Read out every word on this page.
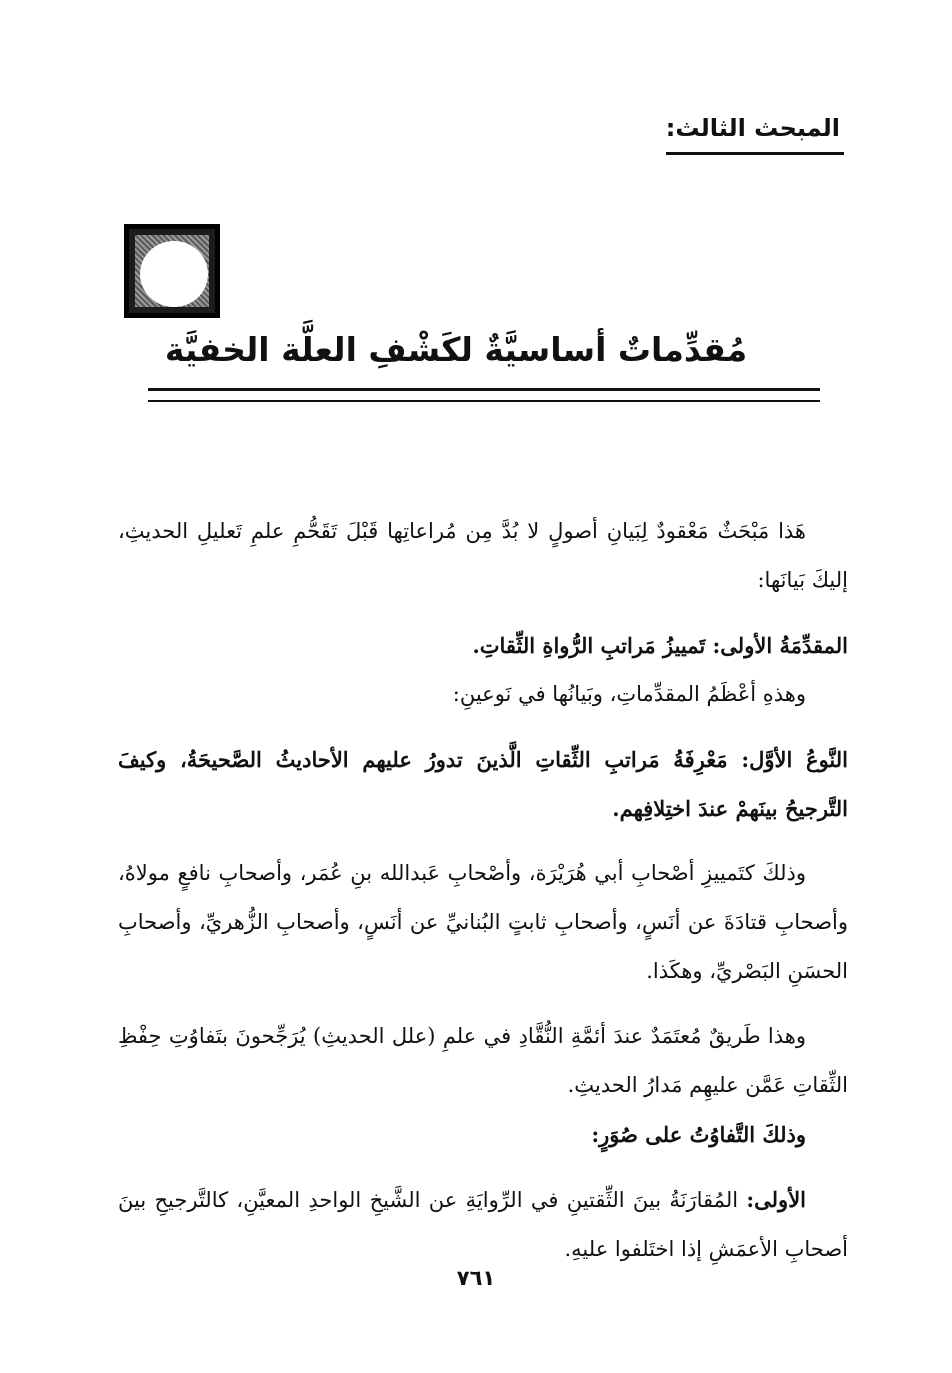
المبحث الثالث:
مُقدِّماتٌ أساسيَّةٌ لكَشْفِ العلَّة الخفيَّة

هَذا مَبْحَثٌ مَعْقودٌ لِبَيانِ أصولٍ لا بُدَّ مِن مُراعاتِها قَبْلَ تَقَحُّمِ علمِ تَعليلِ الحديثِ، إليكَ بَيانَها:

المقدِّمَةُ الأولى: تَمييزُ مَراتبِ الرُّواةِ الثِّقاتِ.

وهذهِ أعْظَمُ المقدِّماتِ، وبَيانُها في نَوعينِ:

النَّوعُ الأوَّل: مَعْرِفَةُ مَراتبِ الثِّقاتِ الَّذينَ تدورُ عليهم الأحاديثُ الصَّحيحَةُ، وكيفَ التَّرجيحُ بينَهمْ عندَ اختِلافِهم.

وذلكَ كتَمييزِ أصْحابِ أبي هُرَيْرَة، وأصْحابِ عَبدالله بنِ عُمَر، وأصحابِ نافعٍ مولاهُ، وأصحابِ قتادَةَ عن أنَسٍ، وأصحابِ ثابتٍ البُنانيِّ عن أنَسٍ، وأصحابِ الزُّهريِّ، وأصحابِ الحسَنِ البَصْريِّ، وهكَذا.

وهذا طَريقٌ مُعتَمَدٌ عندَ أئمَّةِ النُّقَّادِ في علمِ (علل الحديثِ) يُرَجِّحونَ بتَفاوُتِ حِفْظِ الثِّقاتِ عَمَّن عليهِم مَدارُ الحديثِ.

وذلكَ التَّفاوُتُ على صُوَرٍ:

الأولى: المُقارَنَةُ بينَ الثِّقتينِ في الرِّوايَةِ عن الشَّيخِ الواحدِ المعيَّنِ، كالتَّرجيحِ بينَ أصحابِ الأعمَشِ إذا اختَلفوا عليهِ.

٧٦١
